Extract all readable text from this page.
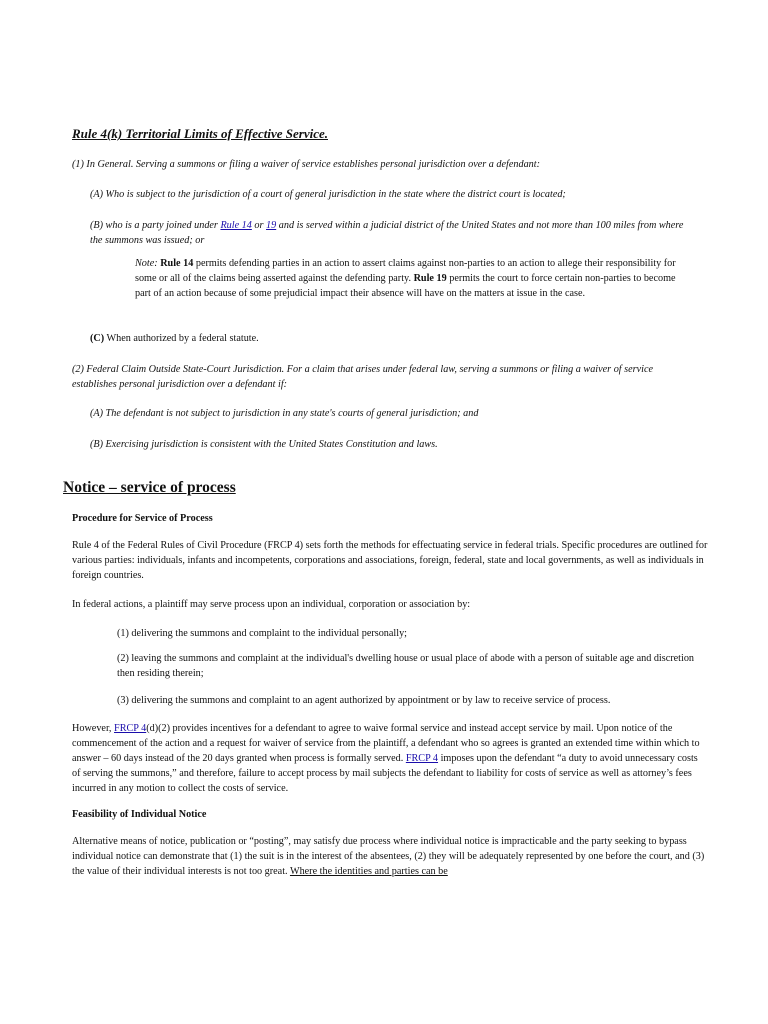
Rule 4(k) Territorial Limits of Effective Service.

(1) In General. Serving a summons or filing a waiver of service establishes personal jurisdiction over a defendant:

(A) Who is subject to the jurisdiction of a court of general jurisdiction in the state where the district court is located;

(B) who is a party joined under Rule 14 or 19 and is served within a judicial district of the United States and not more than 100 miles from where the summons was issued; or

Note: Rule 14 permits defending parties in an action to assert claims against non-parties to an action to allege their responsibility for some or all of the claims being asserted against the defending party. Rule 19 permits the court to force certain non-parties to become part of an action because of some prejudicial impact their absence will have on the matters at issue in the case.

(C) When authorized by a federal statute.

(2) Federal Claim Outside State-Court Jurisdiction. For a claim that arises under federal law, serving a summons or filing a waiver of service establishes personal jurisdiction over a defendant if:

(A) The defendant is not subject to jurisdiction in any state's courts of general jurisdiction; and

(B) Exercising jurisdiction is consistent with the United States Constitution and laws.

Notice – service of process
Procedure for Service of Process

Rule 4 of the Federal Rules of Civil Procedure (FRCP 4) sets forth the methods for effectuating service in federal trials. Specific procedures are outlined for various parties: individuals, infants and incompetents, corporations and associations, foreign, federal, state and local governments, as well as individuals in foreign countries.

In federal actions, a plaintiff may serve process upon an individual, corporation or association by:

(1) delivering the summons and complaint to the individual personally;

(2) leaving the summons and complaint at the individual's dwelling house or usual place of abode with a person of suitable age and discretion then residing therein;

(3) delivering the summons and complaint to an agent authorized by appointment or by law to receive service of process.

However, FRCP 4(d)(2) provides incentives for a defendant to agree to waive formal service and instead accept service by mail. Upon notice of the commencement of the action and a request for waiver of service from the plaintiff, a defendant who so agrees is granted an extended time within which to answer – 60 days instead of the 20 days granted when process is formally served. FRCP 4 imposes upon the defendant “a duty to avoid unnecessary costs of serving the summons,” and therefore, failure to accept process by mail subjects the defendant to liability for costs of service as well as attorney’s fees incurred in any motion to collect the costs of service.

Feasibility of Individual Notice

Alternative means of notice, publication or “posting”, may satisfy due process where individual notice is impracticable and the party seeking to bypass individual notice can demonstrate that (1) the suit is in the interest of the absentees, (2) they will be adequately represented by one before the court, and (3) the value of their individual interests is not too great. Where the identities and parties can be
